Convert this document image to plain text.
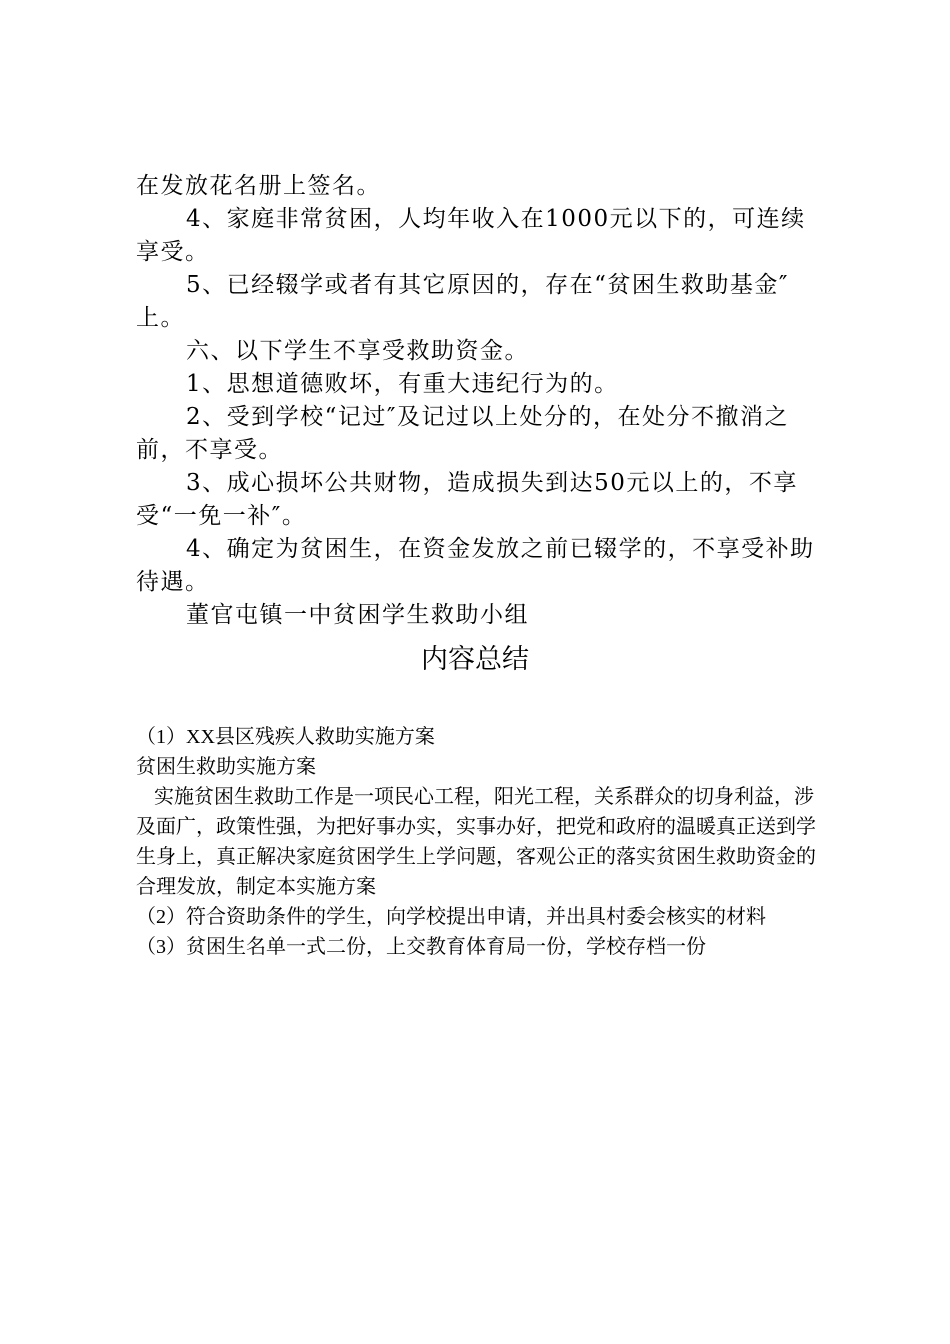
在发放花名册上签名。

4、家庭非常贫困，人均年收入在1000元以下的，可连续享受。

5、已经辍学或者有其它原因的，存在“贫困生救助基金″上。

六、以下学生不享受救助资金。

1、思想道德败坏，有重大违纪行为的。

2、受到学校“记过″及记过以上处分的，在处分不撤消之前，不享受。

3、成心损坏公共财物，造成损失到达50元以上的，不享受“一免一补″。

4、确定为贫困生，在资金发放之前已辍学的，不享受补助待遇。

董官屯镇一中贫困学生救助小组

内容总结

（1）XX县区残疾人救助实施方案

贫困生救助实施方案

实施贫困生救助工作是一项民心工程，阳光工程，关系群众的切身利益，涉及面广，政策性强，为把好事办实，实事办好，把党和政府的温暖真正送到学生身上，真正解决家庭贫困学生上学问题，客观公正的落实贫困生救助资金的合理发放，制定本实施方案

（2）符合资助条件的学生，向学校提出申请，并出具村委会核实的材料

（3）贫困生名单一式二份，上交教育体育局一份，学校存档一份
